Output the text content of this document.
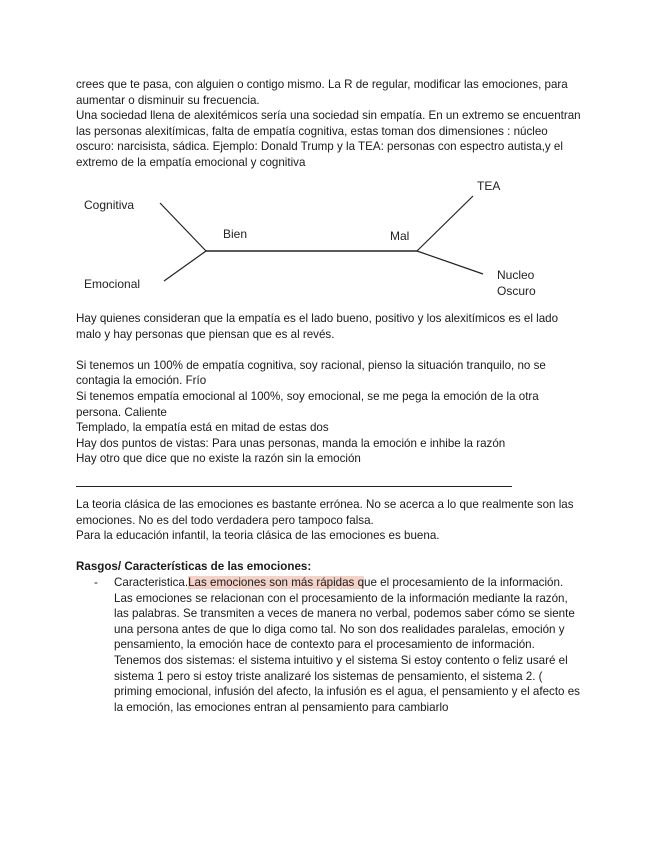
crees que te pasa, con alguien o contigo mismo. La R de regular, modificar las emociones, para aumentar o disminuir su frecuencia.

Una sociedad llena de alexitémicos sería una sociedad sin empatía. En un extremo se encuentran las personas alexitímicas, falta de empatía cognitiva, estas toman dos dimensiones : núcleo oscuro: narcisista, sádica. Ejemplo: Donald Trump y la TEA: personas con espectro autista,y el extremo de la empatía emocional y cognitiva

Cognitiva
Emocional
Bien	Mal
TEA
Nucleo
Oscuro

Hay quienes consideran que la empatía es el lado bueno, positivo y los alexitímicos es el lado malo y hay personas que piensan que es al revés.

Si tenemos un 100% de empatía cognitiva, soy racional, pienso la situación tranquilo, no se contagia la emoción. Frío

Si tenemos empatía emocional al 100%, soy emocional, se me pega la emoción de la otra persona. Caliente

Templado, la empatía está en mitad de estas dos

Hay dos puntos de vistas: Para unas personas, manda la emoción e inhibe la razón

Hay otro que dice que no existe la razón sin la emoción

La teoria clásica de las emociones es bastante errónea. No se acerca a lo que realmente son las emociones. No es del todo verdadera pero tampoco falsa.

Para la educación infantil, la teoria clásica de las emociones es buena.

Rasgos/ Características de las emociones:
- Caracteristica.Las emociones son más rápidas que el procesamiento de la información. Las emociones se relacionan con el procesamiento de la información mediante la razón, las palabras. Se transmiten a veces de manera no verbal, podemos saber cómo se siente una persona antes de que lo diga como tal. No son dos realidades paralelas, emoción y pensamiento, la emoción hace de contexto para el procesamiento de información. Tenemos dos sistemas: el sistema intuitivo y el sistema Si estoy contento o feliz usaré el sistema 1 pero si estoy triste analizaré los sistemas de pensamiento, el sistema 2. ( priming emocional, infusión del afecto, la infusión es el agua, el pensamiento y el afecto es la emoción, las emociones entran al pensamiento para cambiarlo
